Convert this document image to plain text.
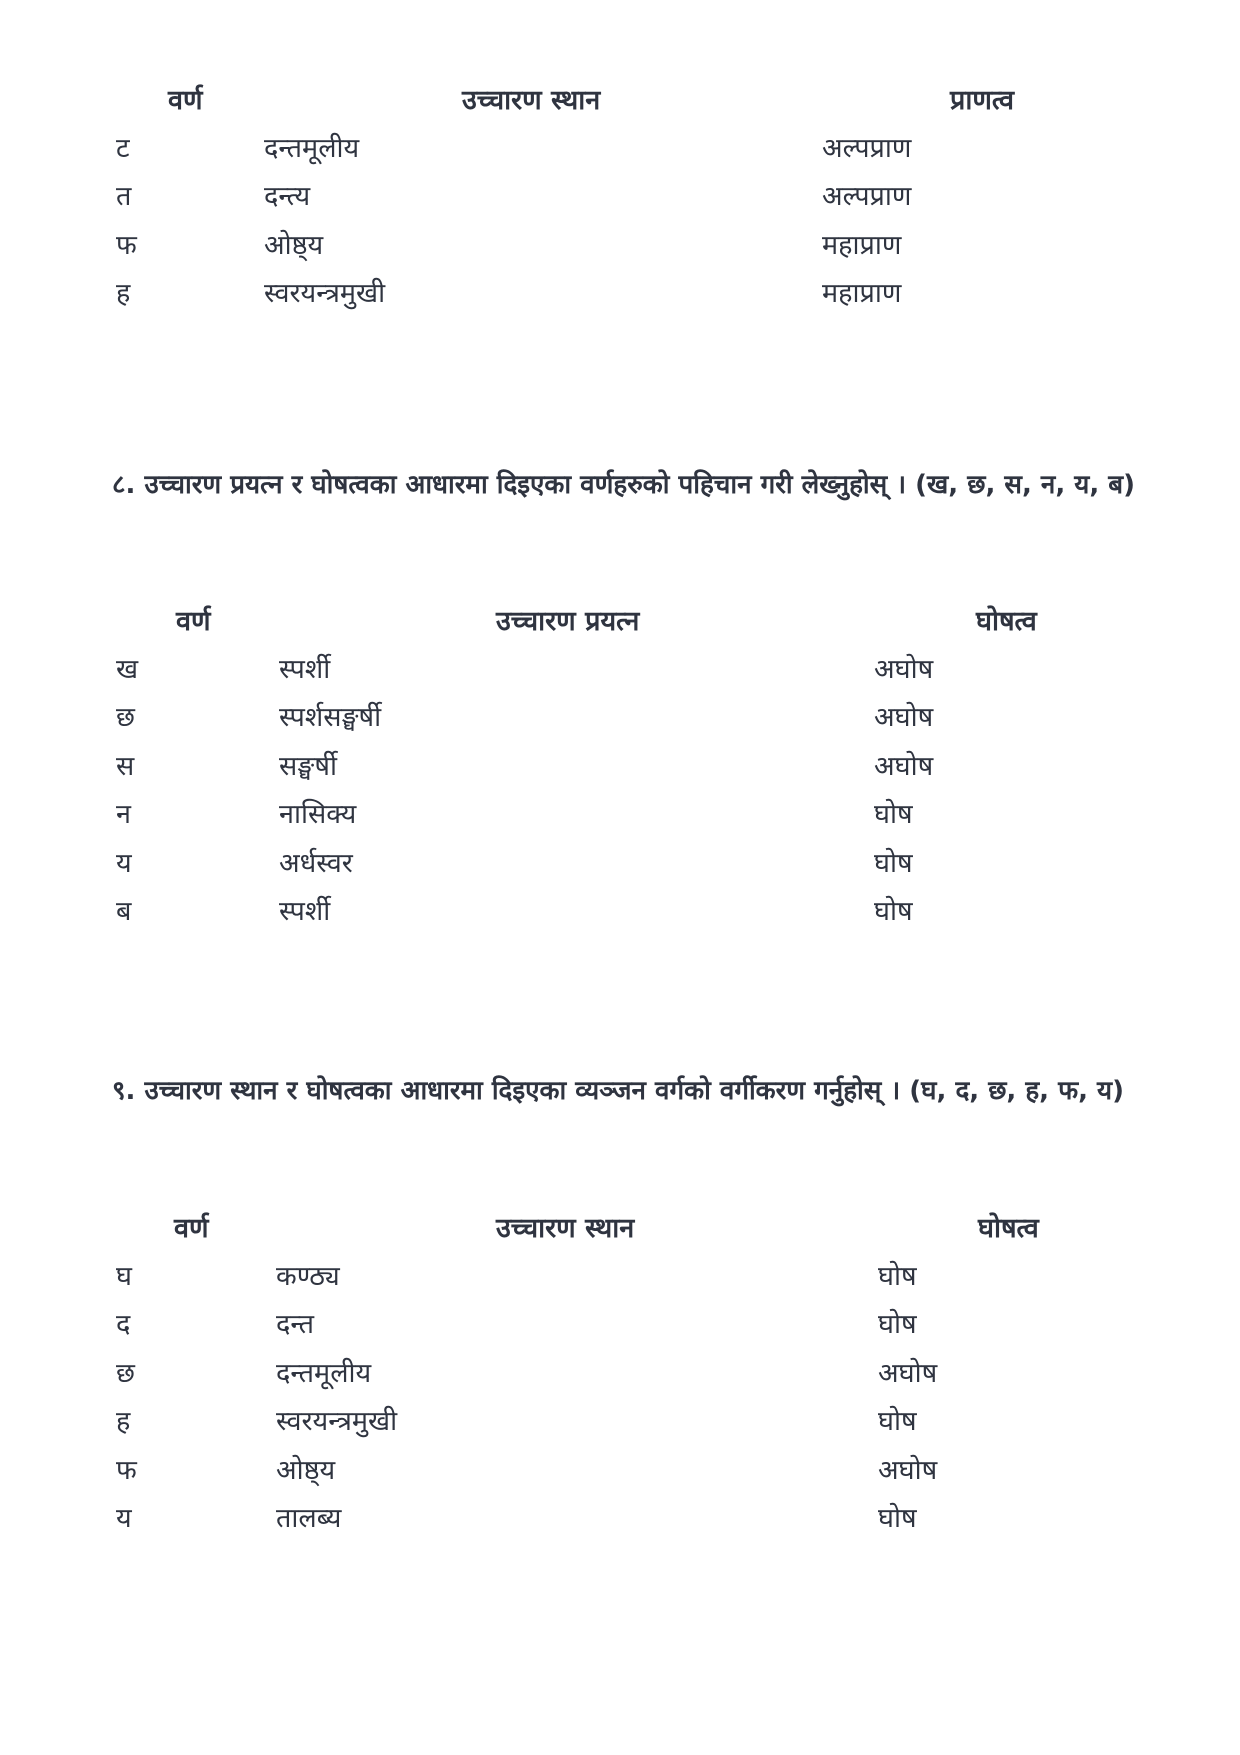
वर्ण	उच्चारण स्थान	प्राणत्व
ट	दन्तमूलीय	अल्पप्राण
त	दन्त्य	अल्पप्राण
फ	ओष्ठ्य	महाप्राण
ह	स्वरयन्त्रमुखी	महाप्राण
८. उच्चारण प्रयत्न र घोषत्वका आधारमा दिइएका वर्णहरुको पहिचान गरी लेख्नुहोस् । (ख, छ, स, न, य, ब)
वर्ण	उच्चारण प्रयत्न	घोषत्व
ख	स्पर्शी	अघोष
छ	स्पर्शसङ्घर्षी	अघोष
स	सङ्घर्षी	अघोष
न	नासिक्य	घोष
य	अर्धस्वर	घोष
ब	स्पर्शी	घोष
९. उच्चारण स्थान र घोषत्वका आधारमा दिइएका व्यञ्जन वर्गको वर्गीकरण गर्नुहोस् । (घ, द, छ, ह, फ, य)
वर्ण	उच्चारण स्थान	घोषत्व
घ	कण्ठ्य	घोष
द	दन्त	घोष
छ	दन्तमूलीय	अघोष
ह	स्वरयन्त्रमुखी	घोष
फ	ओष्ठ्य	अघोष
य	तालब्य	घोष
